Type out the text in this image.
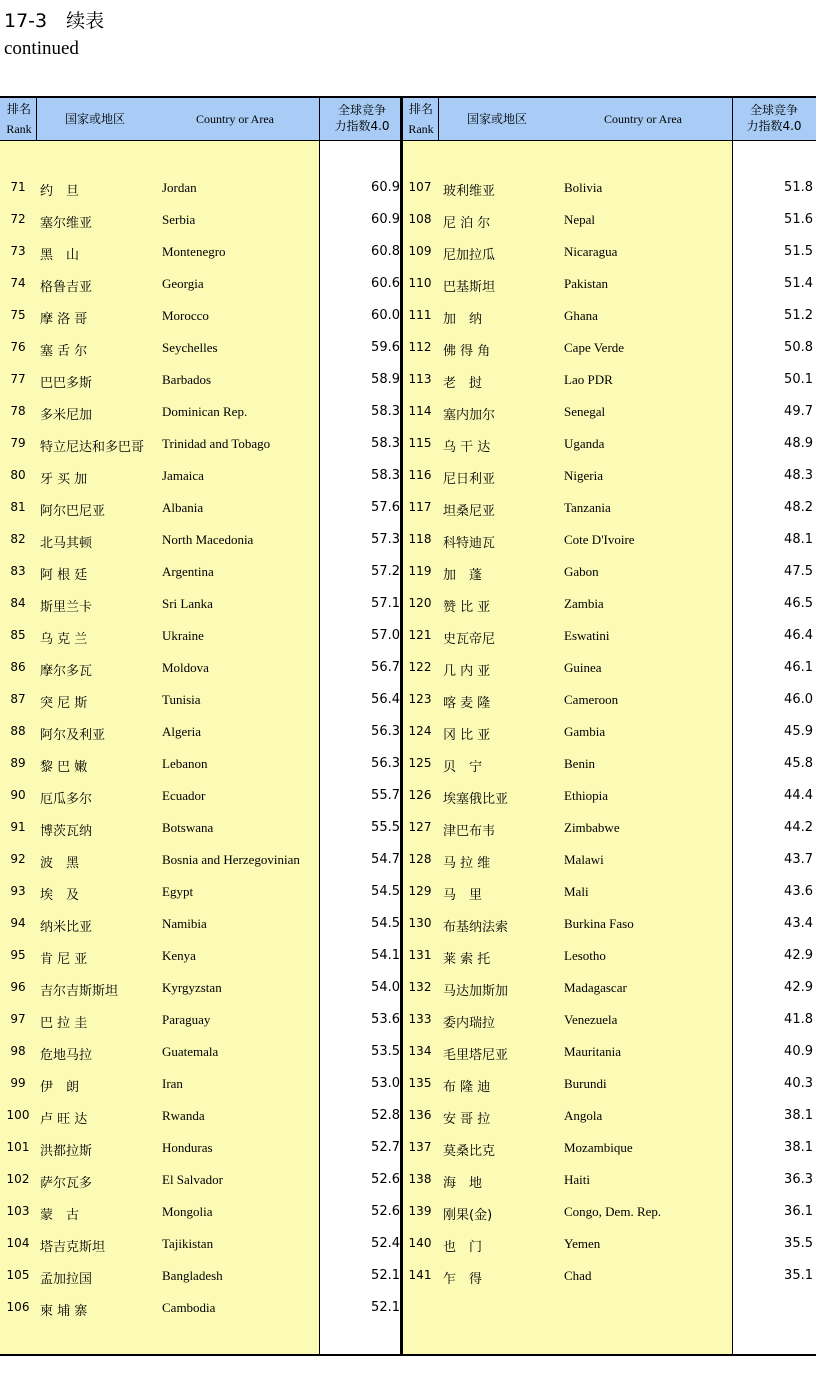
17-3　续表
continued
排名
Rank
国家或地区	Country or Area
全球竞争
力指数4.0
排名
Rank
国家或地区	Country or Area
全球竞争
力指数4.0
71	约　旦	Jordan	60.9
72	塞尔维亚	Serbia	60.9
73	黑　山	Montenegro	60.8
74	格鲁吉亚	Georgia	60.6
75	摩 洛 哥	Morocco	60.0
76	塞 舌 尔	Seychelles	59.6
77	巴巴多斯	Barbados	58.9
78	多米尼加	Dominican Rep.	58.3
79	特立尼达和多巴哥 Trinidad and Tobago	58.3
80	牙 买 加	Jamaica	58.3
81	阿尔巴尼亚	Albania	57.6
82	北马其顿	North Macedonia	57.3
83	阿 根 廷	Argentina	57.2
84	斯里兰卡	Sri Lanka	57.1
85	乌 克 兰	Ukraine	57.0
86	摩尔多瓦	Moldova	56.7
87	突 尼 斯	Tunisia	56.4
88	阿尔及利亚	Algeria	56.3
89	黎 巴 嫩	Lebanon	56.3
90	厄瓜多尔	Ecuador	55.7
91	博茨瓦纳	Botswana	55.5
92	波　黑	Bosnia and Herzegovinian	54.7
93	埃　及	Egypt	54.5
94	纳米比亚	Namibia	54.5
95	肯 尼 亚	Kenya	54.1
96	吉尔吉斯斯坦	Kyrgyzstan	54.0
97	巴 拉 圭	Paraguay	53.6
98	危地马拉	Guatemala	53.5
99	伊　朗	Iran	53.0
100 卢 旺 达	Rwanda	52.8
101 洪都拉斯	Honduras	52.7
102 萨尔瓦多	El Salvador	52.6
103 蒙　古	Mongolia	52.6
104 塔吉克斯坦	Tajikistan	52.4
105 孟加拉国	Bangladesh	52.1
106 柬 埔 寨	Cambodia	52.1
107 玻利维亚	Bolivia	51.8
108 尼 泊 尔	Nepal	51.6
109 尼加拉瓜	Nicaragua	51.5
110 巴基斯坦	Pakistan	51.4
111 加　纳	Ghana	51.2
112 佛 得 角	Cape Verde	50.8
113 老　挝	Lao PDR	50.1
114 塞内加尔	Senegal	49.7
115 乌 干 达	Uganda	48.9
116 尼日利亚	Nigeria	48.3
117 坦桑尼亚	Tanzania	48.2
118 科特迪瓦	Cote D'Ivoire	48.1
119 加　蓬	Gabon	47.5
120 赞 比 亚	Zambia	46.5
121 史瓦帝尼	Eswatini	46.4
122 几 内 亚	Guinea	46.1
123 喀 麦 隆	Cameroon	46.0
124 冈 比 亚	Gambia	45.9
125 贝　宁	Benin	45.8
126 埃塞俄比亚	Ethiopia	44.4
127 津巴布韦	Zimbabwe	44.2
128 马 拉 维	Malawi	43.7
129 马　里	Mali	43.6
130 布基纳法索	Burkina Faso	43.4
131 莱 索 托	Lesotho	42.9
132 马达加斯加	Madagascar	42.9
133 委内瑞拉	Venezuela	41.8
134 毛里塔尼亚	Mauritania	40.9
135 布 隆 迪	Burundi	40.3
136 安 哥 拉	Angola	38.1
137 莫桑比克	Mozambique	38.1
138 海　地	Haiti	36.3
139 刚果(金)	Congo, Dem. Rep.	36.1
140 也　门	Yemen	35.5
141 乍　得	Chad	35.1
